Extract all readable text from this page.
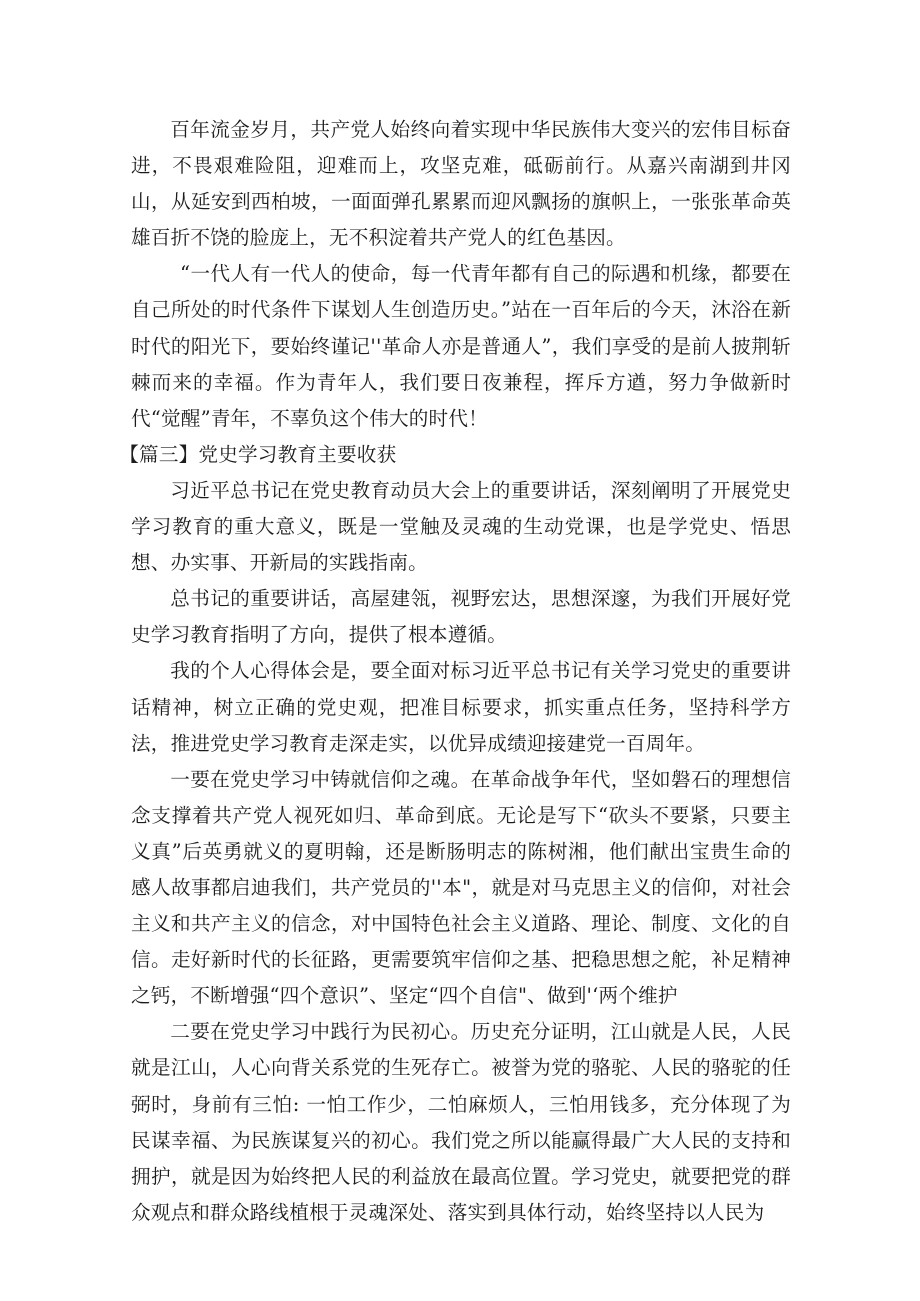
百年流金岁月，共产党人始终向着实现中华民族伟大变兴的宏伟目标奋进，不畏艰难险阻，迎难而上，攻坚克难，砥砺前行。从嘉兴南湖到井冈山，从延安到西柏坡，一面面弹孔累累而迎风飘扬的旗帜上，一张张革命英雄百折不饶的脸庞上，无不积淀着共产党人的红色基因。

“一代人有一代人的使命，每一代青年都有自己的际遇和机缘，都要在自己所处的时代条件下谋划人生创造历史。”站在一百年后的今天，沐浴在新时代的阳光下，要始终谨记''革命人亦是普通人”，我们享受的是前人披荆斩棘而来的幸福。作为青年人，我们要日夜兼程，挥斥方遒，努力争做新时代“觉醒”青年，不辜负这个伟大的时代！

【篇三】党史学习教育主要收获

习近平总书记在党史教育动员大会上的重要讲话，深刻阐明了开展党史学习教育的重大意义，既是一堂触及灵魂的生动党课，也是学党史、悟思想、办实事、开新局的实践指南。

总书记的重要讲话，高屋建瓴，视野宏达，思想深邃，为我们开展好党史学习教育指明了方向，提供了根本遵循。

我的个人心得体会是，要全面对标习近平总书记有关学习党史的重要讲话精神，树立正确的党史观，把准目标要求，抓实重点任务，坚持科学方法，推进党史学习教育走深走实，以优异成绩迎接建党一百周年。

一要在党史学习中铸就信仰之魂。在革命战争年代，坚如磐石的理想信念支撑着共产党人视死如归、革命到底。无论是写下“砍头不要紧，只要主义真”后英勇就义的夏明翰，还是断肠明志的陈树湘，他们献出宝贵生命的感人故事都启迪我们，共产党员的''本"，就是对马克思主义的信仰，对社会主义和共产主义的信念，对中国特色社会主义道路、理论、制度、文化的自信。走好新时代的长征路，更需要筑牢信仰之基、把稳思想之舵，补足精神之钙，不断增强“四个意识”、坚定“四个自信"、做到'‘两个维护

二要在党史学习中践行为民初心。历史充分证明，江山就是人民，人民就是江山，人心向背关系党的生死存亡。被誉为党的骆驼、人民的骆驼的任弼时，身前有三怕: 一怕工作少，二怕麻烦人，三怕用钱多，充分体现了为民谋幸福、为民族谋复兴的初心。我们党之所以能赢得最广大人民的支持和拥护，就是因为始终把人民的利益放在最高位置。学习党史，就要把党的群众观点和群众路线植根于灵魂深处、落实到具体行动，始终坚持以人民为
